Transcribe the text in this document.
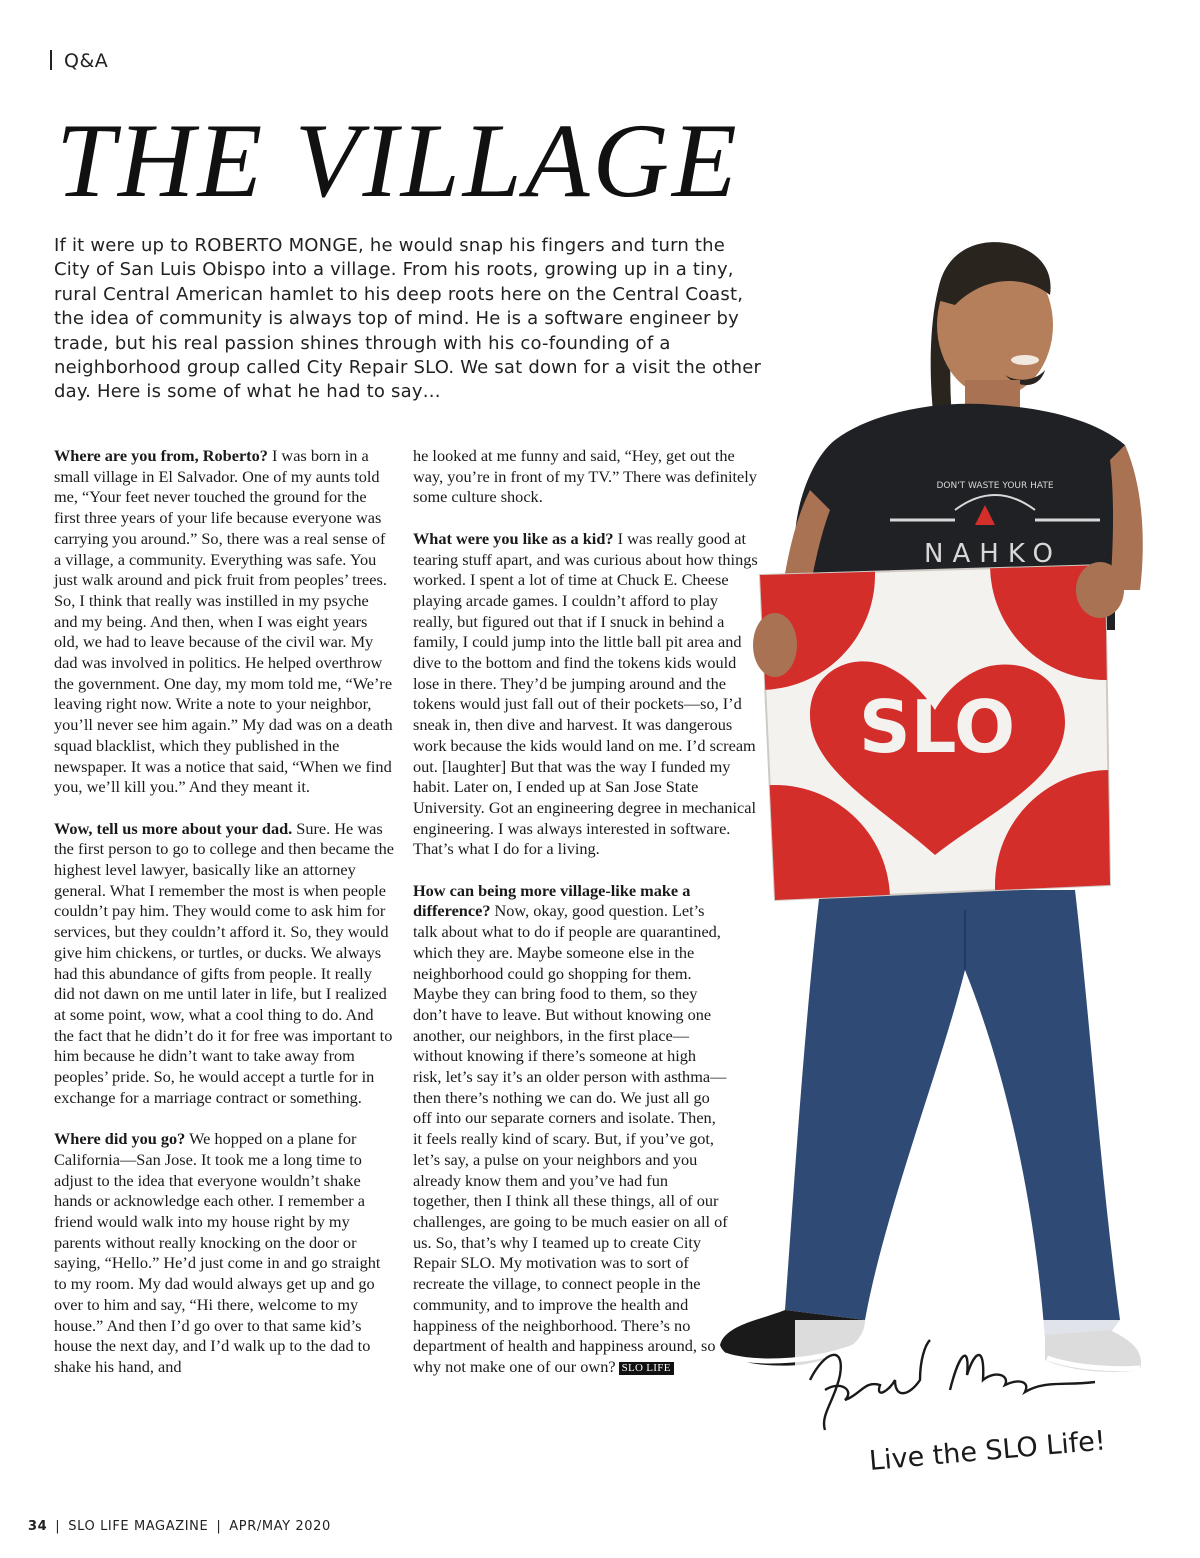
Q&A
THE VILLAGE

If it were up to ROBERTO MONGE, he would snap his fingers and turn the City of San Luis Obispo into a village. From his roots, growing up in a tiny, rural Central American hamlet to his deep roots here on the Central Coast, the idea of community is always top of mind. He is a software engineer by trade, but his real passion shines through with his co-founding of a neighborhood group called City Repair SLO. We sat down for a visit the other day. Here is some of what he had to say…

Where are you from, Roberto? I was born in a small village in El Salvador. One of my aunts told me, “Your feet never touched the ground for the first three years of your life because everyone was carrying you around.” So, there was a real sense of a village, a community. Everything was safe. You just walk around and pick fruit from peoples’ trees. So, I think that really was instilled in my psyche and my being. And then, when I was eight years old, we had to leave because of the civil war. My dad was involved in politics. He helped overthrow the government. One day, my mom told me, “We’re leaving right now. Write a note to your neighbor, you’ll never see him again.” My dad was on a death squad blacklist, which they published in the newspaper. It was a notice that said, “When we find you, we’ll kill you.” And they meant it.

Wow, tell us more about your dad. Sure. He was the first person to go to college and then became the highest level lawyer, basically like an attorney general. What I remember the most is when people couldn’t pay him. They would come to ask him for services, but they couldn’t afford it. So, they would give him chickens, or turtles, or ducks. We always had this abundance of gifts from people. It really did not dawn on me until later in life, but I realized at some point, wow, what a cool thing to do. And the fact that he didn’t do it for free was important to him because he didn’t want to take away from peoples’ pride. So, he would accept a turtle for in exchange for a marriage contract or something.

Where did you go? We hopped on a plane for California—San Jose. It took me a long time to adjust to the idea that everyone wouldn’t shake hands or acknowledge each other. I remember a friend would walk into my house right by my parents without really knocking on the door or saying, “Hello.” He’d just come in and go straight to my room. My dad would always get up and go over to him and say, “Hi there, welcome to my house.” And then I’d go over to that same kid’s house the next day, and I’d walk up to the dad to shake his hand, and

he looked at me funny and said, “Hey, get out the way, you’re in front of my TV.” There was definitely some culture shock.

What were you like as a kid? I was really good at tearing stuff apart, and was curious about how things worked. I spent a lot of time at Chuck E. Cheese playing arcade games. I couldn’t afford to play really, but figured out that if I snuck in behind a family, I could jump into the little ball pit area and dive to the bottom and find the tokens kids would lose in there. They’d be jumping around and the tokens would just fall out of their pockets—so, I’d sneak in, then dive and harvest. It was dangerous work because the kids would land on me. I’d scream out. [laughter] But that was the way I funded my habit. Later on, I ended up at San Jose State University. Got an engineering degree in mechanical engineering. I was always interested in software. That’s what I do for a living.

How can being more village-like make a difference? Now, okay, good question. Let’s talk about what to do if people are quarantined, which they are. Maybe someone else in the neighborhood could go shopping for them. Maybe they can bring food to them, so they don’t have to leave. But without knowing one another, our neighbors, in the first place—without knowing if there’s someone at high risk, let’s say it’s an older person with asthma—then there’s nothing we can do. We just all go off into our separate corners and isolate. Then, it feels really kind of scary. But, if you’ve got, let’s say, a pulse on your neighbors and you already know them and you’ve had fun together, then I think all these things, all of our challenges, are going to be much easier on all of us. So, that’s why I teamed up to create City Repair SLO. My motivation was to sort of recreate the village, to connect people in the community, and to improve the health and happiness of the neighborhood. There’s no department of health and happiness around, so why not make one of our own? SLO LIFE

DON'T WASTE YOUR HATE
NAHKO
SLO
Roberto Monge
Live the SLO Life!
34 | SLO LIFE MAGAZINE | APR/MAY 2020
